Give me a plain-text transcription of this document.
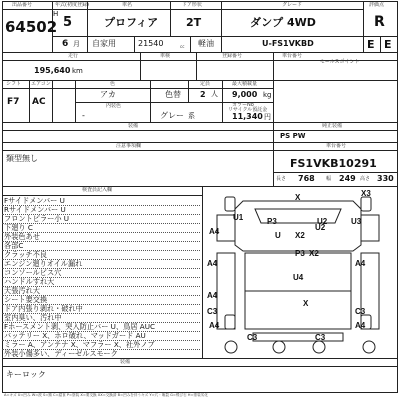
出品番号
64502
年式(初度登録)
H
5
6 月
車名
プロフィア
自家用
ドア形状
2T
グレード
ダンプ 4WD
21540	cc 軽油	U-FS1VKBD
評価点
R
E E
走行
195,640 km
車検	登録番号	車台番号
セールスポイント
シフト
F7
エアコン
AC
色
アカ	色替
定員
2 人
最大積載量
9,000 kg
内装色
-	グレー 系
カラーNo
リサイクル預託金
11,340 円
装備	純正装備
PS PW
注意事項欄
類型無し
車台番号
FS1VKB10291
長さ 768 幅 249 高さ 330
検査員記入欄
Fサイドメンバー U
Rサイドメンバー U
フロントピラー小 U
下廻り C
外装色あせ
各部C
クラッチ不良
エンジン廻りオイル漏れ
コンソールビス穴
ハンドルすれ大
天張汚れ大
シート要交換
ドア内張り剥れ・破れ中
室内臭い、汚れ中
Fホースメント剥、突入防止バー U、鳥居 AUC
バッテリー X、ホロ破れ、マッドガード AU
ミラー A、アンテナ X、マフラー X、社外ノブ
外装小傷多い、ディーゼルスモーク
X3
X
X2
U1	P3	U2	U3
A4	U
P3 X2
A4	A4
U4
A4
C3	C3
C3	C3
X
A4	A4
U2
装備
キーロック
A=キズ U=凹み W=波 S=錆 C=腐食 P=塗装 X=要交換 XX=交換済 B=凹みを伴うキズ Y=穴・亀裂 G=飛び石 H=塗装劣化
